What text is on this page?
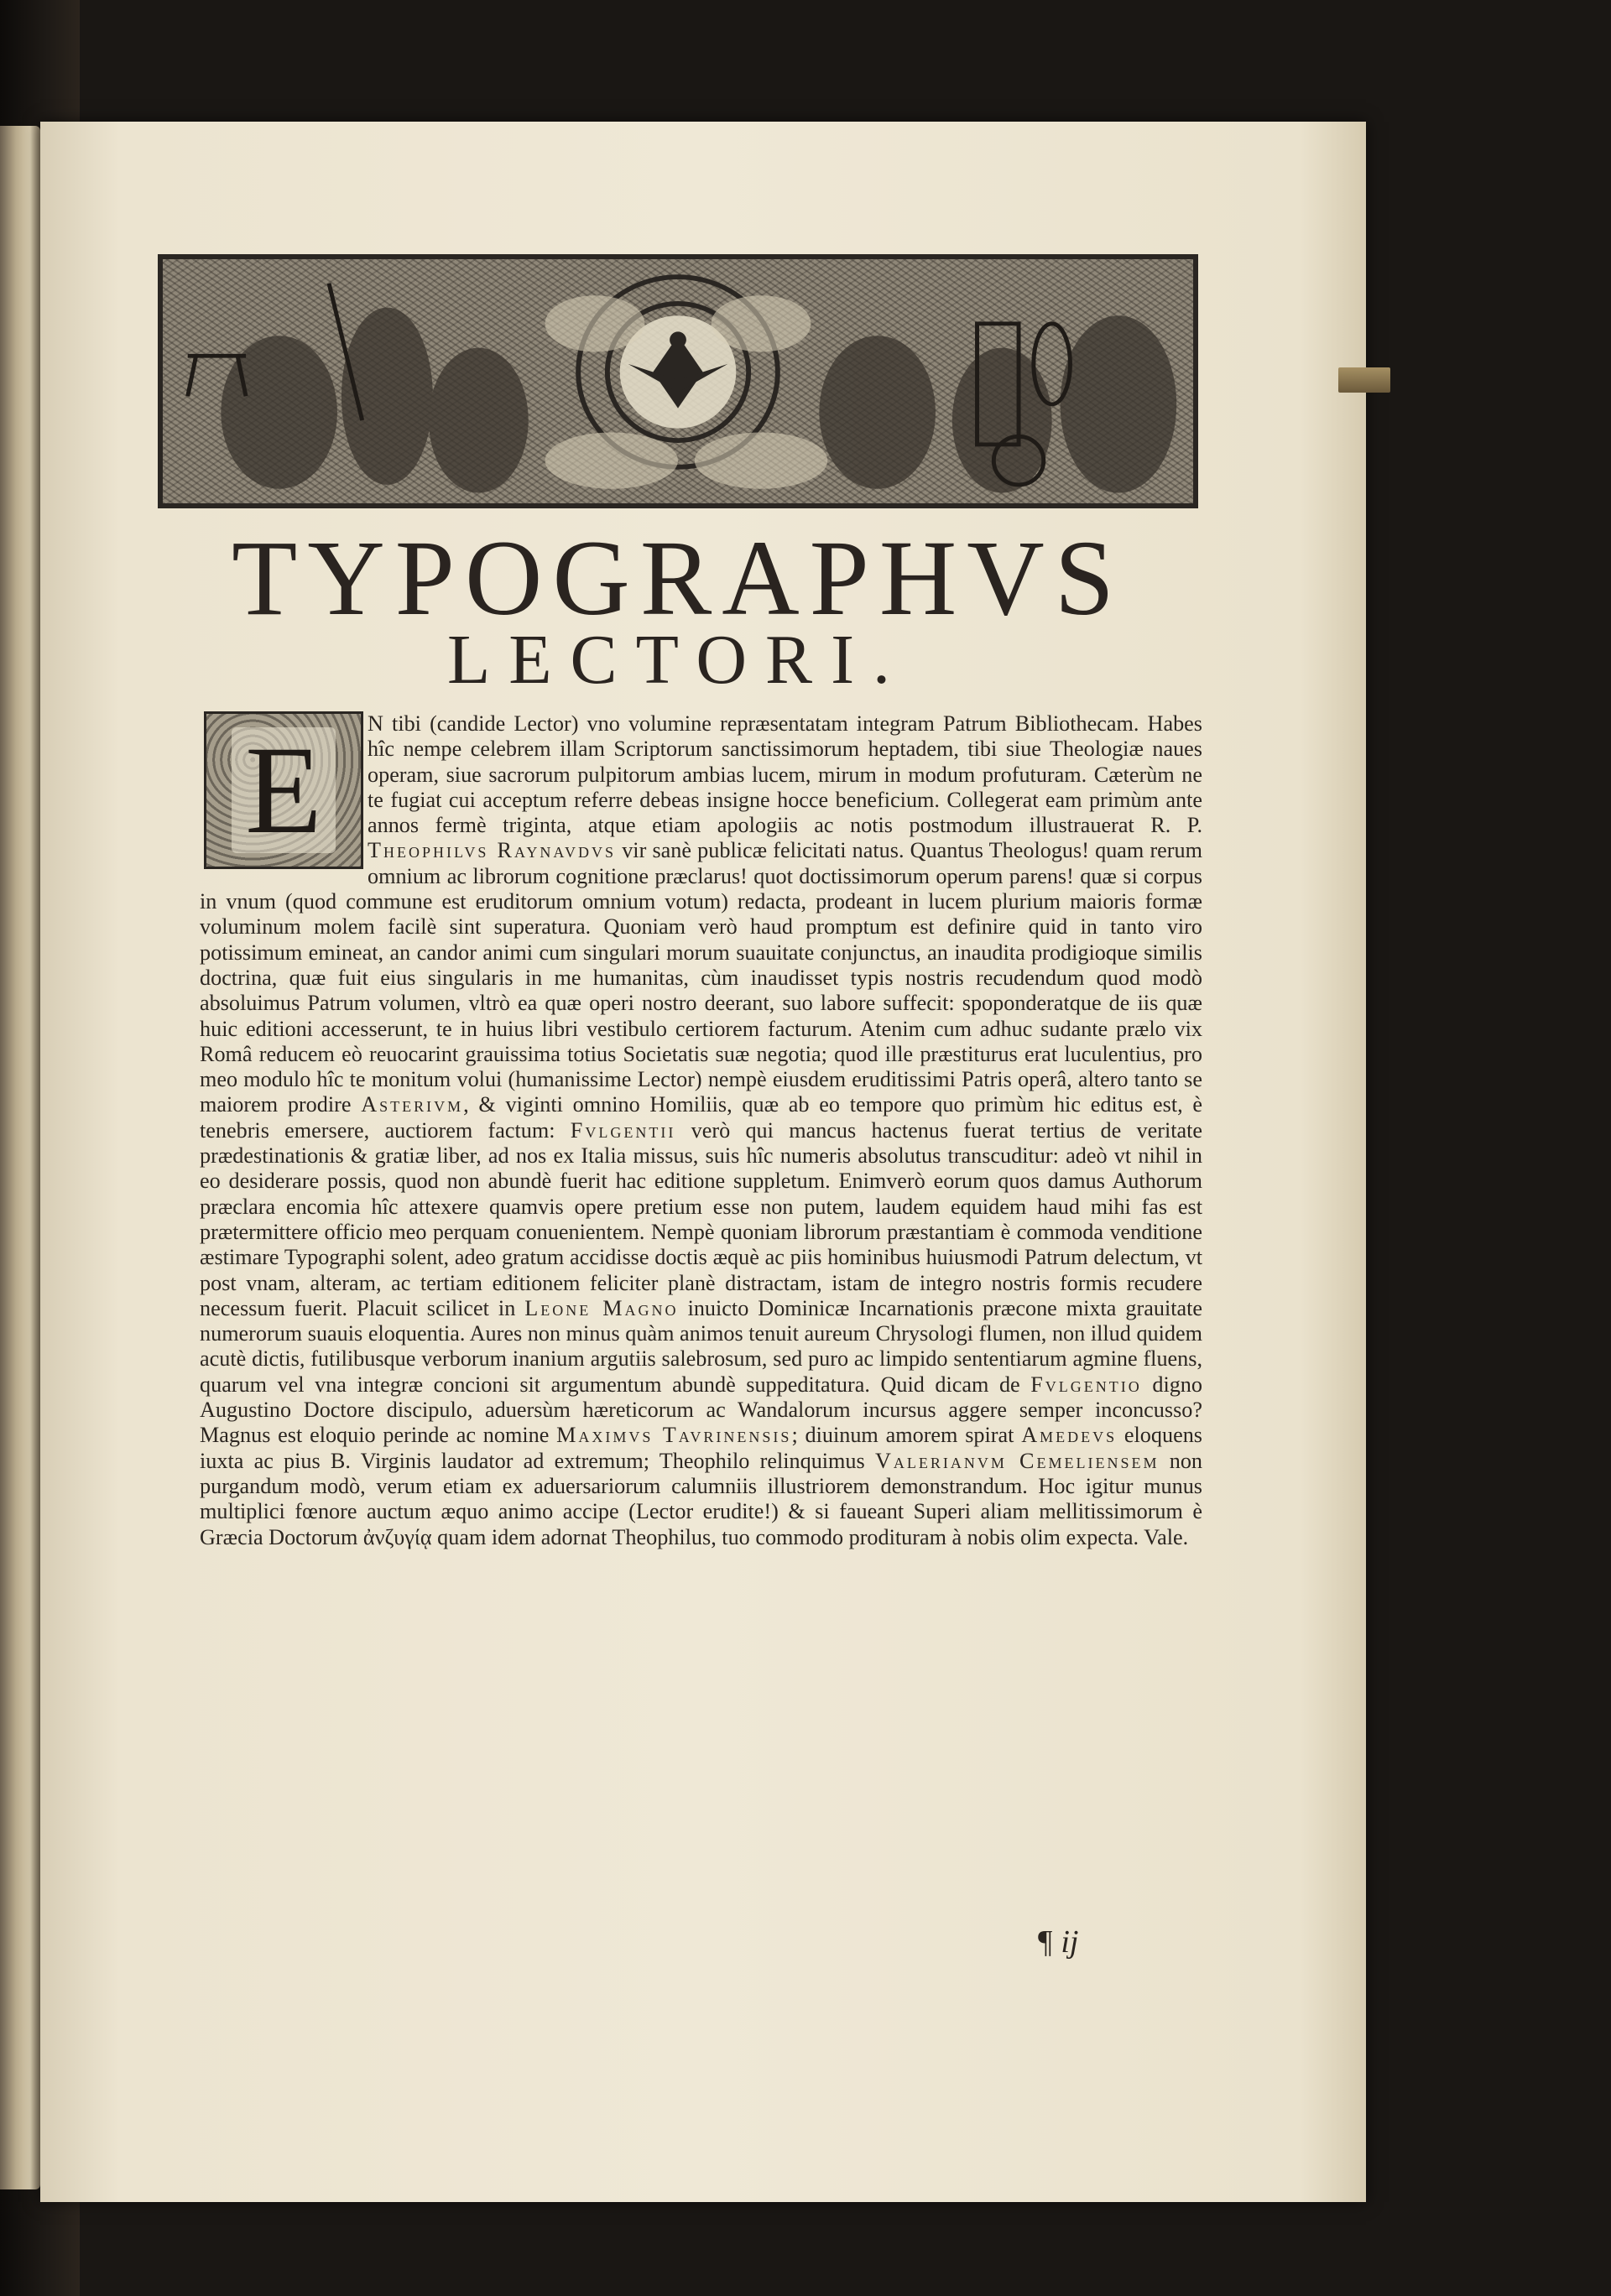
TYPOGRAPHVS
LECTORI.
E	N tibi (candide Lector) vno volumine repræsentatam integram Patrum Bibliothecam. Habes hîc nempe celebrem illam Scriptorum sanctissimorum heptadem, tibi siue Theologiæ naues operam, siue sacrorum pulpitorum ambias lucem, mirum in modum profuturam. Cæterùm ne te fugiat cui acceptum referre debeas insigne hocce beneficium. Collegerat eam primùm ante annos fermè triginta, atque etiam apologiis ac notis postmodum illustrauerat R. P. Theophilvs Raynavdvs vir sanè publicæ felicitati natus. Quantus Theologus! quam rerum omnium ac librorum cognitione præclarus! quot doctissimorum operum parens! quæ si corpus in vnum (quod commune est eruditorum omnium votum) redacta, prodeant in lucem plurium maioris formæ voluminum molem facilè sint superatura. Quoniam verò haud promptum est definire quid in tanto viro potissimum emineat, an candor animi cum singulari morum suauitate conjunctus, an inaudita prodigioque similis doctrina, quæ fuit eius singularis in me humanitas, cùm inaudisset typis nostris recudendum quod modò absoluimus Patrum volumen, vltrò ea quæ operi nostro deerant, suo labore suffecit: spoponderatque de iis quæ huic editioni accesserunt, te in huius libri vestibulo certiorem facturum. Atenim cum adhuc sudante prælo vix Româ reducem eò reuocarint grauissima totius Societatis suæ negotia; quod ille præstiturus erat luculentius, pro meo modulo hîc te monitum volui (humanissime Lector) nempè eiusdem eruditissimi Patris operâ, altero tanto se maiorem prodire Asterivm, & viginti omnino Homiliis, quæ ab eo tempore quo primùm hic editus est, è tenebris emersere, auctiorem factum: Fvlgentii verò qui mancus hactenus fuerat tertius de veritate prædestinationis & gratiæ liber, ad nos ex Italia missus, suis hîc numeris absolutus transcuditur: adeò vt nihil in eo desiderare possis, quod non abundè fuerit hac editione suppletum. Enimverò eorum quos damus Authorum præclara encomia hîc attexere quamvis opere pretium esse non putem, laudem equidem haud mihi fas est prætermittere officio meo perquam conuenientem. Nempè quoniam librorum præstantiam è commoda venditione æstimare Typographi solent, adeo gratum accidisse doctis æquè ac piis hominibus huiusmodi Patrum delectum, vt post vnam, alteram, ac tertiam editionem feliciter planè distractam, istam de integro nostris formis recudere necessum fuerit. Placuit scilicet in Leone Magno inuicto Dominicæ Incarnationis præcone mixta grauitate numerorum suauis eloquentia. Aures non minus quàm animos tenuit aureum Chrysologi flumen, non illud quidem acutè dictis, futilibusque verborum inanium argutiis salebrosum, sed puro ac limpido sententiarum agmine fluens, quarum vel vna integræ concioni sit argumentum abundè suppeditatura. Quid dicam de Fvlgentio digno Augustino Doctore discipulo, aduersùm hæreticorum ac Wandalorum incursus aggere semper inconcusso? Magnus est eloquio perinde ac nomine Maximvs Tavrinensis; diuinum amorem spirat Amedevs eloquens iuxta ac pius B. Virginis laudator ad extremum; Theophilo relinquimus Valerianvm Cemeliensem non purgandum modò, verum etiam ex aduersariorum calumniis illustriorem demonstrandum. Hoc igitur munus multiplici fœnore auctum æquo animo accipe (Lector erudite!) & si faueant Superi aliam mellitissimorum è Græcia Doctorum ἀνζυγίᾳ quam idem adornat Theophilus, tuo commodo prodituram à nobis olim expecta. Vale.

¶ ij
